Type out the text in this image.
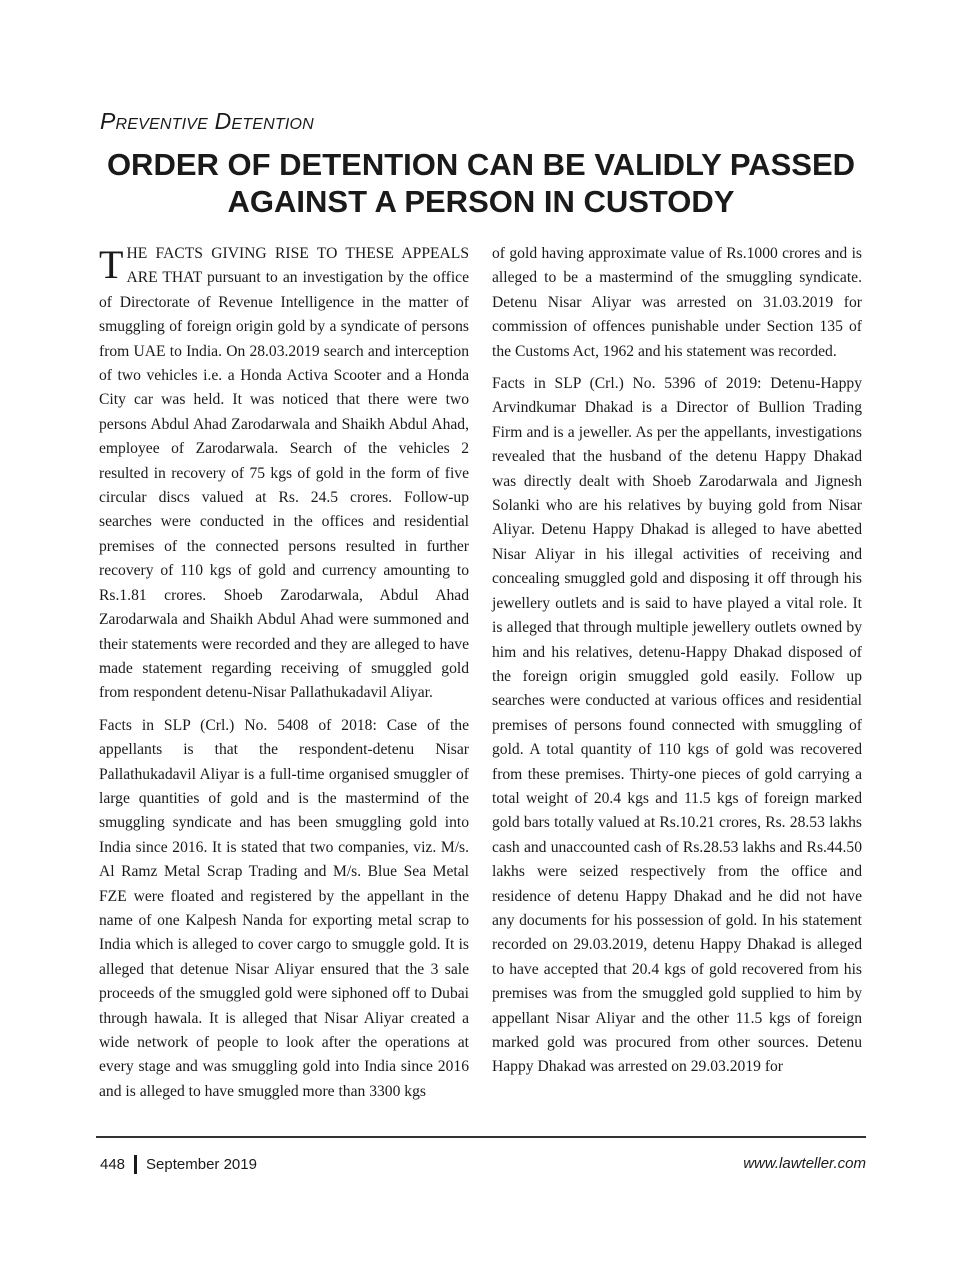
Preventive Detention
ORDER OF DETENTION CAN BE VALIDLY PASSED AGAINST A PERSON IN CUSTODY

THE FACTS GIVING RISE TO THESE APPEALS ARE THAT pursuant to an investigation by the office of Directorate of Revenue Intelligence in the matter of smuggling of foreign origin gold by a syndicate of persons from UAE to India. On 28.03.2019 search and interception of two vehicles i.e. a Honda Activa Scooter and a Honda City car was held. It was noticed that there were two persons Abdul Ahad Zarodarwala and Shaikh Abdul Ahad, employee of Zarodarwala. Search of the vehicles 2 resulted in recovery of 75 kgs of gold in the form of five circular discs valued at Rs. 24.5 crores. Follow-up searches were conducted in the offices and residential premises of the connected persons resulted in further recovery of 110 kgs of gold and currency amounting to Rs.1.81 crores. Shoeb Zarodarwala, Abdul Ahad Zarodarwala and Shaikh Abdul Ahad were summoned and their statements were recorded and they are alleged to have made statement regarding receiving of smuggled gold from respondent detenu-Nisar Pallathukadavil Aliyar.

Facts in SLP (Crl.) No. 5408 of 2018: Case of the appellants is that the respondent-detenu Nisar Pallathukadavil Aliyar is a full-time organised smuggler of large quantities of gold and is the mastermind of the smuggling syndicate and has been smuggling gold into India since 2016. It is stated that two companies, viz. M/s. Al Ramz Metal Scrap Trading and M/s. Blue Sea Metal FZE were floated and registered by the appellant in the name of one Kalpesh Nanda for exporting metal scrap to India which is alleged to cover cargo to smuggle gold. It is alleged that detenue Nisar Aliyar ensured that the 3 sale proceeds of the smuggled gold were siphoned off to Dubai through hawala. It is alleged that Nisar Aliyar created a wide network of people to look after the operations at every stage and was smuggling gold into India since 2016 and is alleged to have smuggled more than 3300 kgs

of gold having approximate value of Rs.1000 crores and is alleged to be a mastermind of the smuggling syndicate. Detenu Nisar Aliyar was arrested on 31.03.2019 for commission of offences punishable under Section 135 of the Customs Act, 1962 and his statement was recorded.

Facts in SLP (Crl.) No. 5396 of 2019: Detenu-Happy Arvindkumar Dhakad is a Director of Bullion Trading Firm and is a jeweller. As per the appellants, investigations revealed that the husband of the detenu Happy Dhakad was directly dealt with Shoeb Zarodarwala and Jignesh Solanki who are his relatives by buying gold from Nisar Aliyar. Detenu Happy Dhakad is alleged to have abetted Nisar Aliyar in his illegal activities of receiving and concealing smuggled gold and disposing it off through his jewellery outlets and is said to have played a vital role. It is alleged that through multiple jewellery outlets owned by him and his relatives, detenu-Happy Dhakad disposed of the foreign origin smuggled gold easily. Follow up searches were conducted at various offices and residential premises of persons found connected with smuggling of gold. A total quantity of 110 kgs of gold was recovered from these premises. Thirty-one pieces of gold carrying a total weight of 20.4 kgs and 11.5 kgs of foreign marked gold bars totally valued at Rs.10.21 crores, Rs. 28.53 lakhs cash and unaccounted cash of Rs.28.53 lakhs and Rs.44.50 lakhs were seized respectively from the office and residence of detenu Happy Dhakad and he did not have any documents for his possession of gold. In his statement recorded on 29.03.2019, detenu Happy Dhakad is alleged to have accepted that 20.4 kgs of gold recovered from his premises was from the smuggled gold supplied to him by appellant Nisar Aliyar and the other 11.5 kgs of foreign marked gold was procured from other sources. Detenu Happy Dhakad was arrested on 29.03.2019 for

448 September 2019	www.lawteller.com
